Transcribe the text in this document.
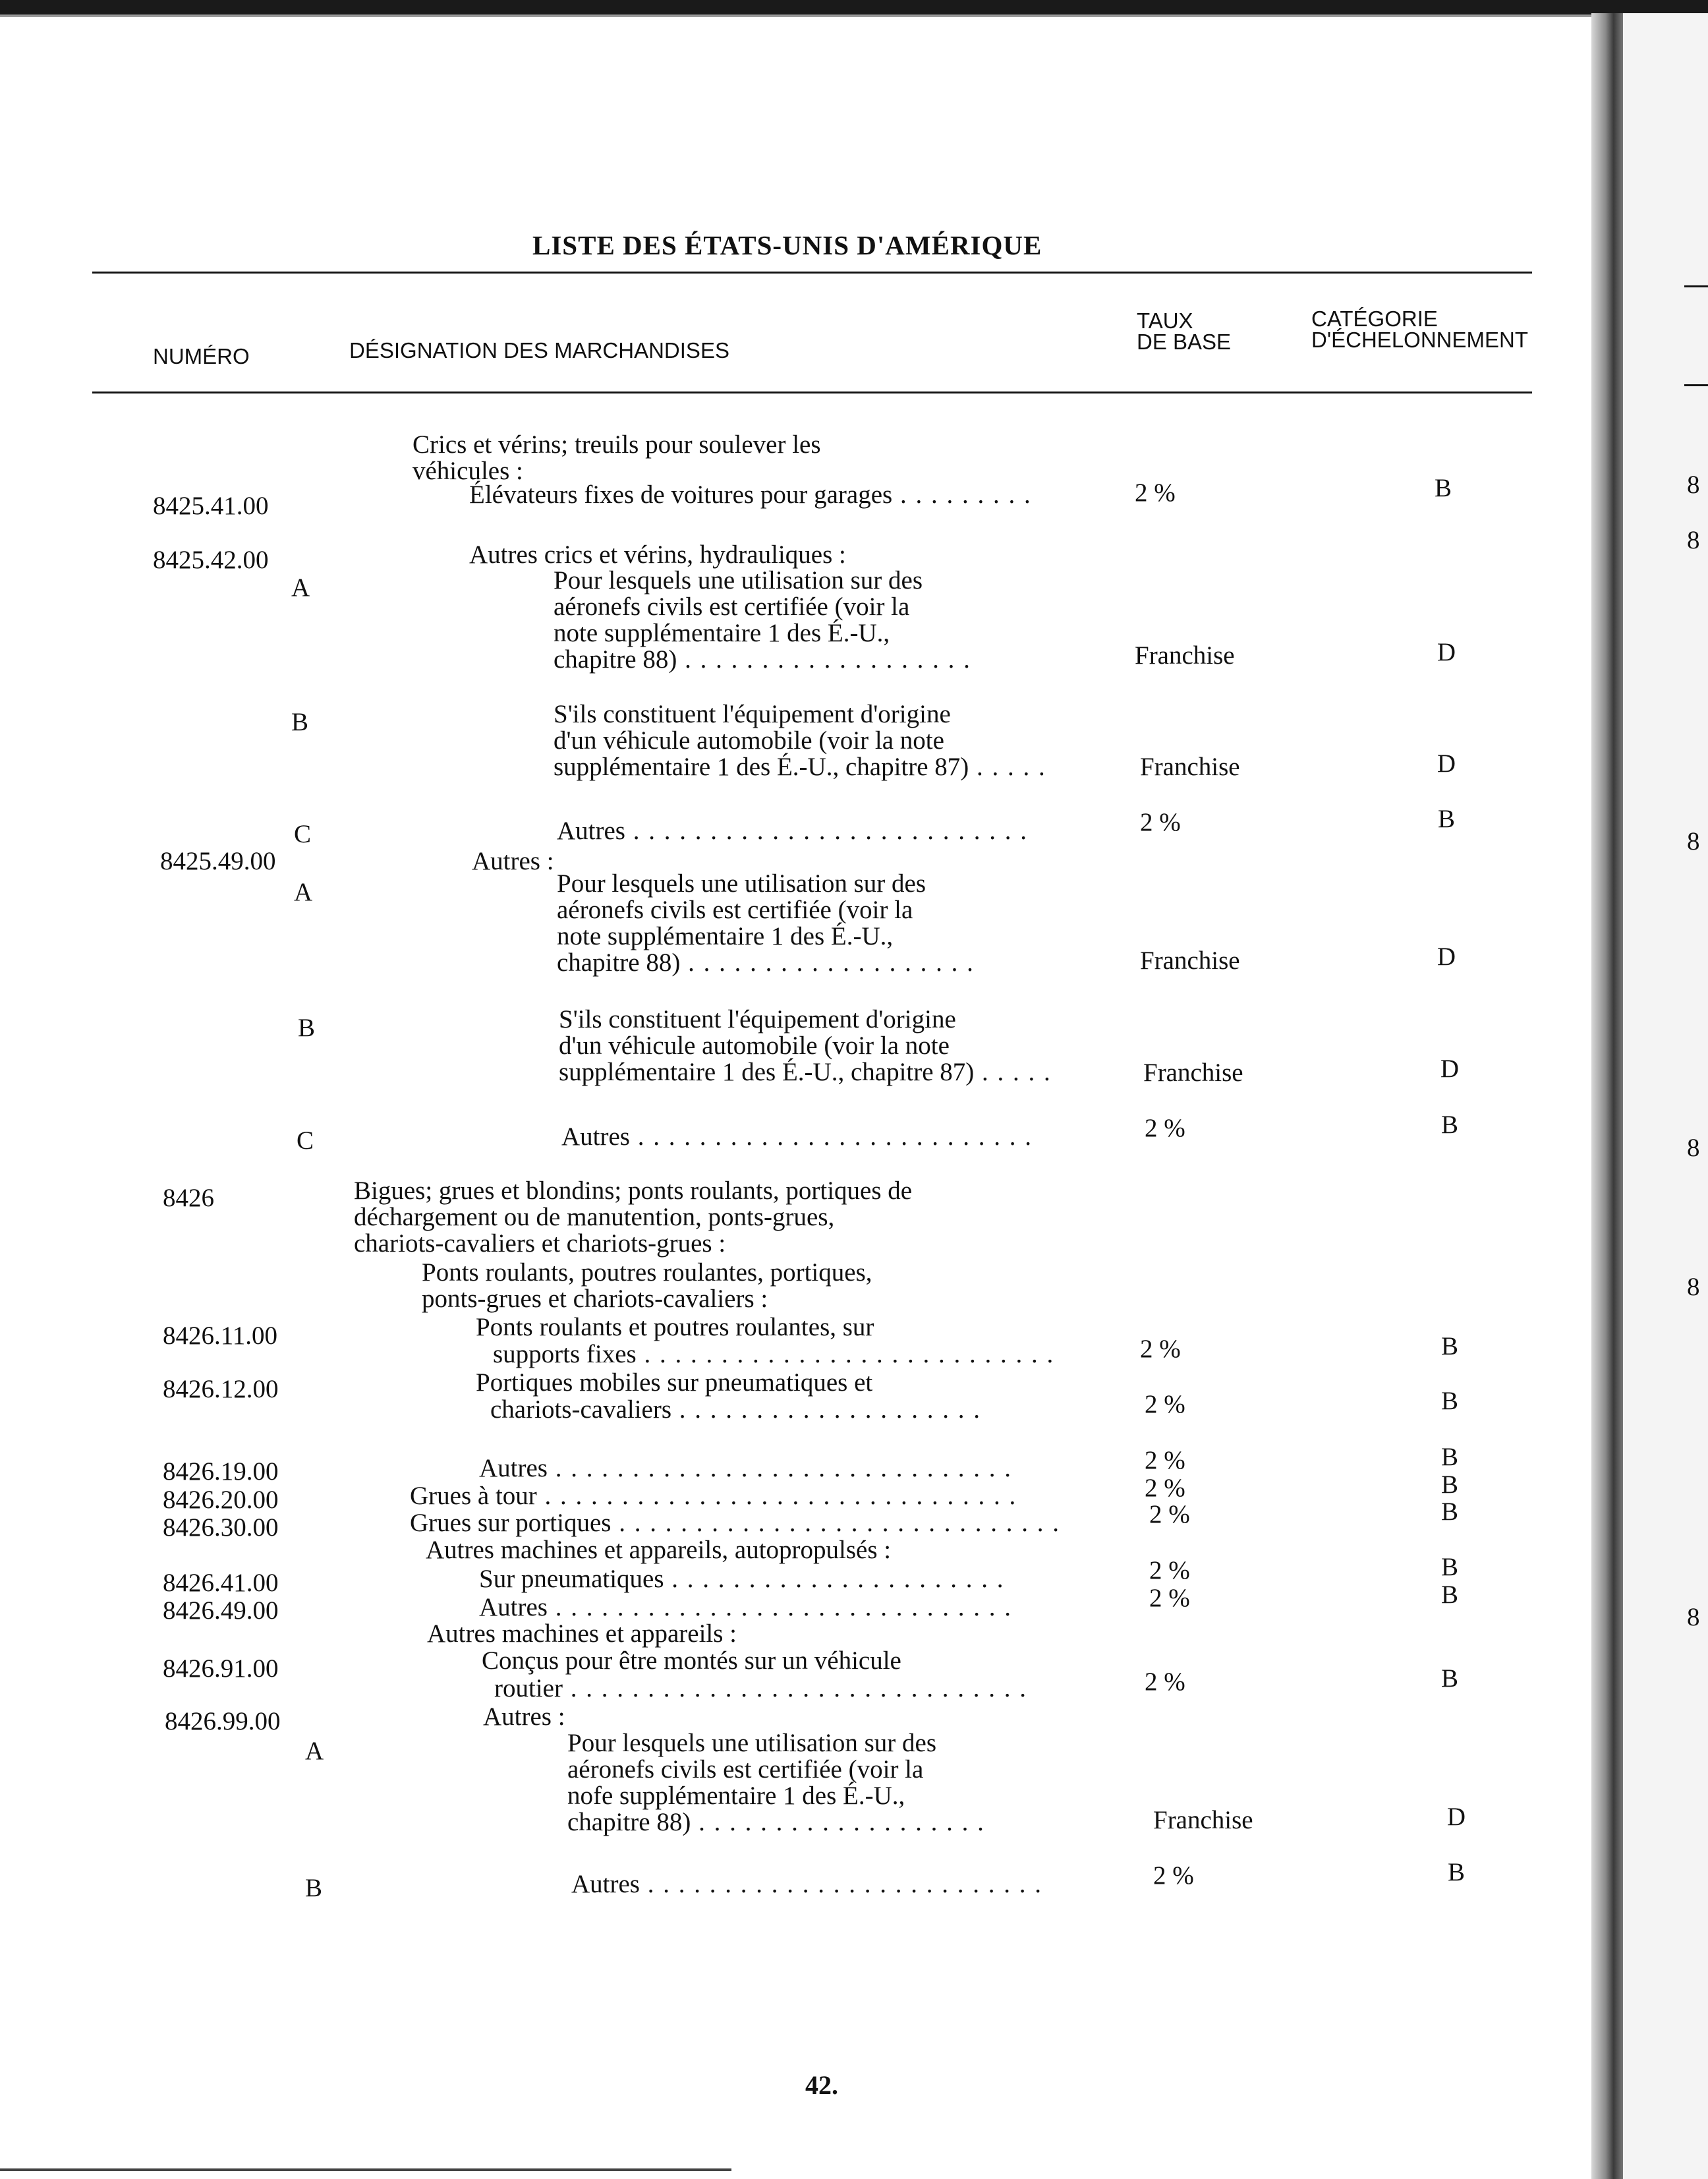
8
8
8
8
8
8
LISTE DES ÉTATS-UNIS D'AMÉRIQUE
NUMÉRO	DÉSIGNATION DES MARCHANDISES
TAUX
DE BASE
CATÉGORIE
D'ÉCHELONNEMENT
Crics et vérins; treuils pour soulever les
véhicules :
8425.41.00	Élévateurs fixes de voitures pour garages . . . . . . . . .	2 %	B
8425.42.00	Autres crics et vérins, hydrauliques :
A	Pour lesquels une utilisation sur des
aéronefs civils est certifiée (voir la
note supplémentaire 1 des É.-U.,
chapitre 88) . . . . . . . . . . . . . . . . . . .	Franchise	D
B	S'ils constituent l'équipement d'origine
d'un véhicule automobile (voir la note
supplémentaire 1 des É.-U., chapitre 87) . . . . .	Franchise	D
C	Autres . . . . . . . . . . . . . . . . . . . . . . . . . .	2 %	B
8425.49.00	Autres :
A	Pour lesquels une utilisation sur des
aéronefs civils est certifiée (voir la
note supplémentaire 1 des É.-U.,
chapitre 88) . . . . . . . . . . . . . . . . . . .	Franchise	D
B	S'ils constituent l'équipement d'origine
d'un véhicule automobile (voir la note
supplémentaire 1 des É.-U., chapitre 87) . . . . .	Franchise	D
C	Autres . . . . . . . . . . . . . . . . . . . . . . . . . .	2 %	B
8426	Bigues; grues et blondins; ponts roulants, portiques de
déchargement ou de manutention, ponts-grues,
chariots-cavaliers et chariots-grues :
Ponts roulants, poutres roulantes, portiques,
ponts-grues et chariots-cavaliers :
8426.11.00	Ponts roulants et poutres roulantes, sur
supports fixes . . . . . . . . . . . . . . . . . . . . . . . . . . .	2 %	B
8426.12.00	Portiques mobiles sur pneumatiques et
chariots-cavaliers . . . . . . . . . . . . . . . . . . . .	2 %	B
8426.19.00	Autres . . . . . . . . . . . . . . . . . . . . . . . . . . . . . .	2 %	B
8426.20.00	Grues à tour . . . . . . . . . . . . . . . . . . . . . . . . . . . . . . .	2 %	B
8426.30.00	Grues sur portiques . . . . . . . . . . . . . . . . . . . . . . . . . . . . .	2 %	B
Autres machines et appareils, autopropulsés :
8426.41.00	Sur pneumatiques . . . . . . . . . . . . . . . . . . . . . .	2 %	B
8426.49.00	Autres . . . . . . . . . . . . . . . . . . . . . . . . . . . . . .	2 %	B
Autres machines et appareils :
8426.91.00	Conçus pour être montés sur un véhicule
routier . . . . . . . . . . . . . . . . . . . . . . . . . . . . . .	2 %	B
8426.99.00	Autres :
A	Pour lesquels une utilisation sur des
aéronefs civils est certifiée (voir la
nofe supplémentaire 1 des É.-U.,
chapitre 88) . . . . . . . . . . . . . . . . . . .	Franchise	D
B	Autres . . . . . . . . . . . . . . . . . . . . . . . . . .	2 %	B
42.
